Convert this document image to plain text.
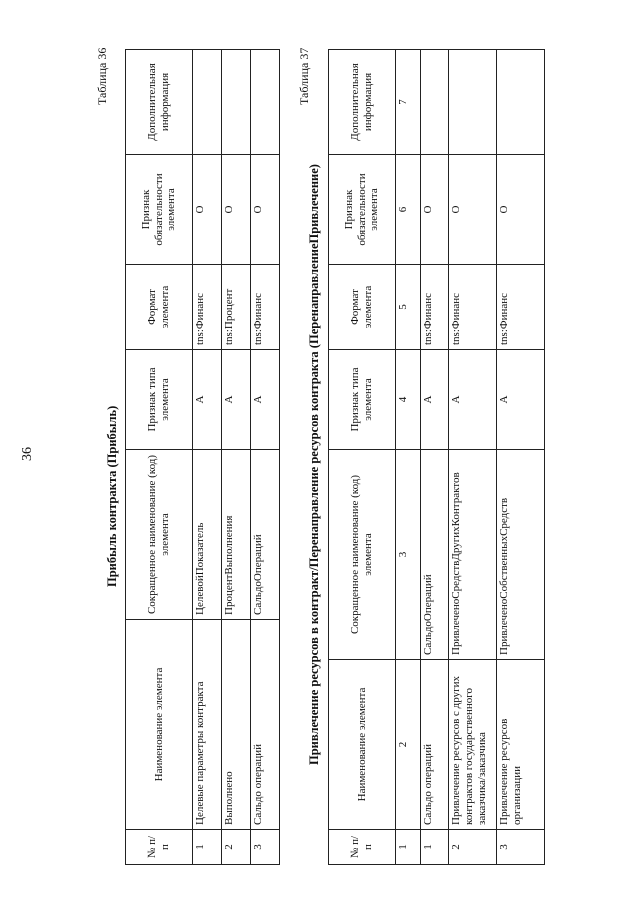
36
Таблица 36
Прибыль контракта (Прибыль)
№ п/п	Наименование элемента	Сокращенное наименование (код) элемента	Признак типа элемента	Формат элемента	Признак обязательности элемента	Дополнительная информация
1	Целевые параметры контракта	ЦелевойПоказатель	А	tns:Финанс	О	
2	Выполнено	ПроцентВыполнения	А	tns:Процент	О	
3	Сальдо операций	СальдоОпераций	А	tns:Финанс	О	
Таблица 37
Привлечение ресурсов в контракт/Перенаправление ресурсов контракта (ПеренаправлениеПривлечение)
№ п/п	Наименование элемента	Сокращенное наименование (код) элемента	Признак типа элемента	Формат элемента	Признак обязательности элемента	Дополнительная информация
1	2	3	4	5	6	7
1	Сальдо операций	СальдоОпераций	А	tns:Финанс	О	
2	Привлечение ресурсов с других контрактов государственного заказчика/заказчика	ПривлеченоСредствДругихКонтрактов	А	tns:Финанс	О	
3	Привлечение ресурсов организации	ПривлеченоСобственныхСредств	А	tns:Финанс	О	
